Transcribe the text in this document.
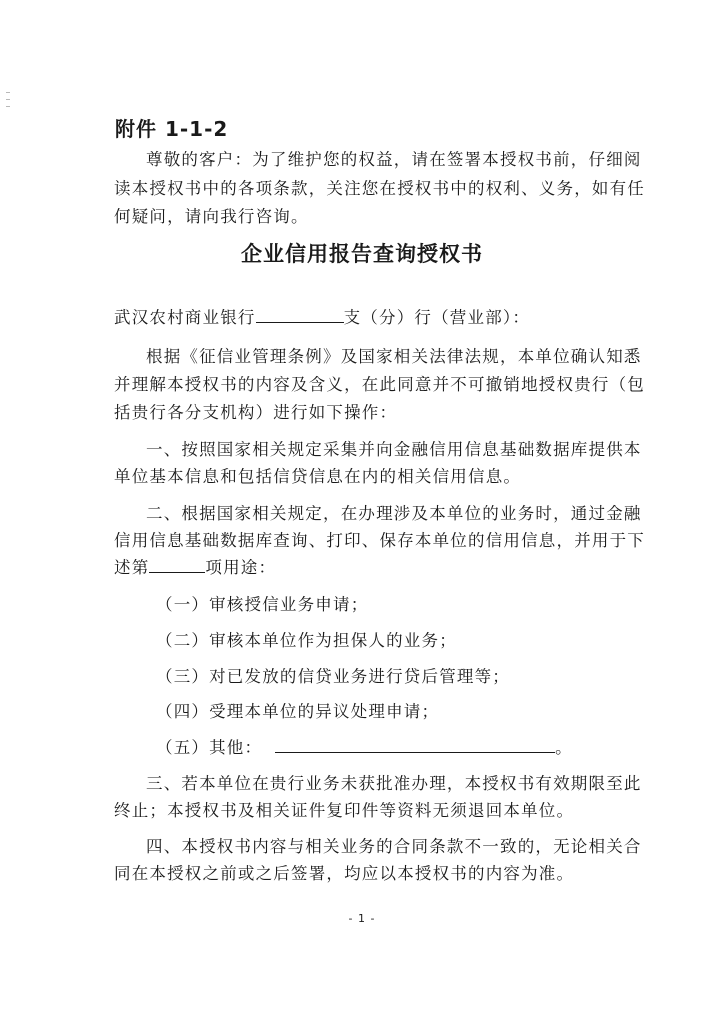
附件 1-1-2
尊敬的客户：为了维护您的权益，请在签署本授权书前，仔细阅
读本授权书中的各项条款，关注您在授权书中的权利、义务，如有任
何疑问，请向我行咨询。
企业信用报告查询授权书
武汉农村商业银行	支（分）行（营业部）：
根据《征信业管理条例》及国家相关法律法规，本单位确认知悉
并理解本授权书的内容及含义，在此同意并不可撤销地授权贵行（包
括贵行各分支机构）进行如下操作：
一、按照国家相关规定采集并向金融信用信息基础数据库提供本
单位基本信息和包括信贷信息在内的相关信用信息。
二、根据国家相关规定，在办理涉及本单位的业务时，通过金融
信用信息基础数据库查询、打印、保存本单位的信用信息，并用于下
述第	项用途：
（一）审核授信业务申请；
（二）审核本单位作为担保人的业务；
（三）对已发放的信贷业务进行贷后管理等；
（四）受理本单位的异议处理申请；
（五）其他：	。
三、若本单位在贵行业务未获批准办理，本授权书有效期限至此
终止；本授权书及相关证件复印件等资料无须退回本单位。
四、本授权书内容与相关业务的合同条款不一致的，无论相关合
同在本授权之前或之后签署，均应以本授权书的内容为准。
- 1 -
